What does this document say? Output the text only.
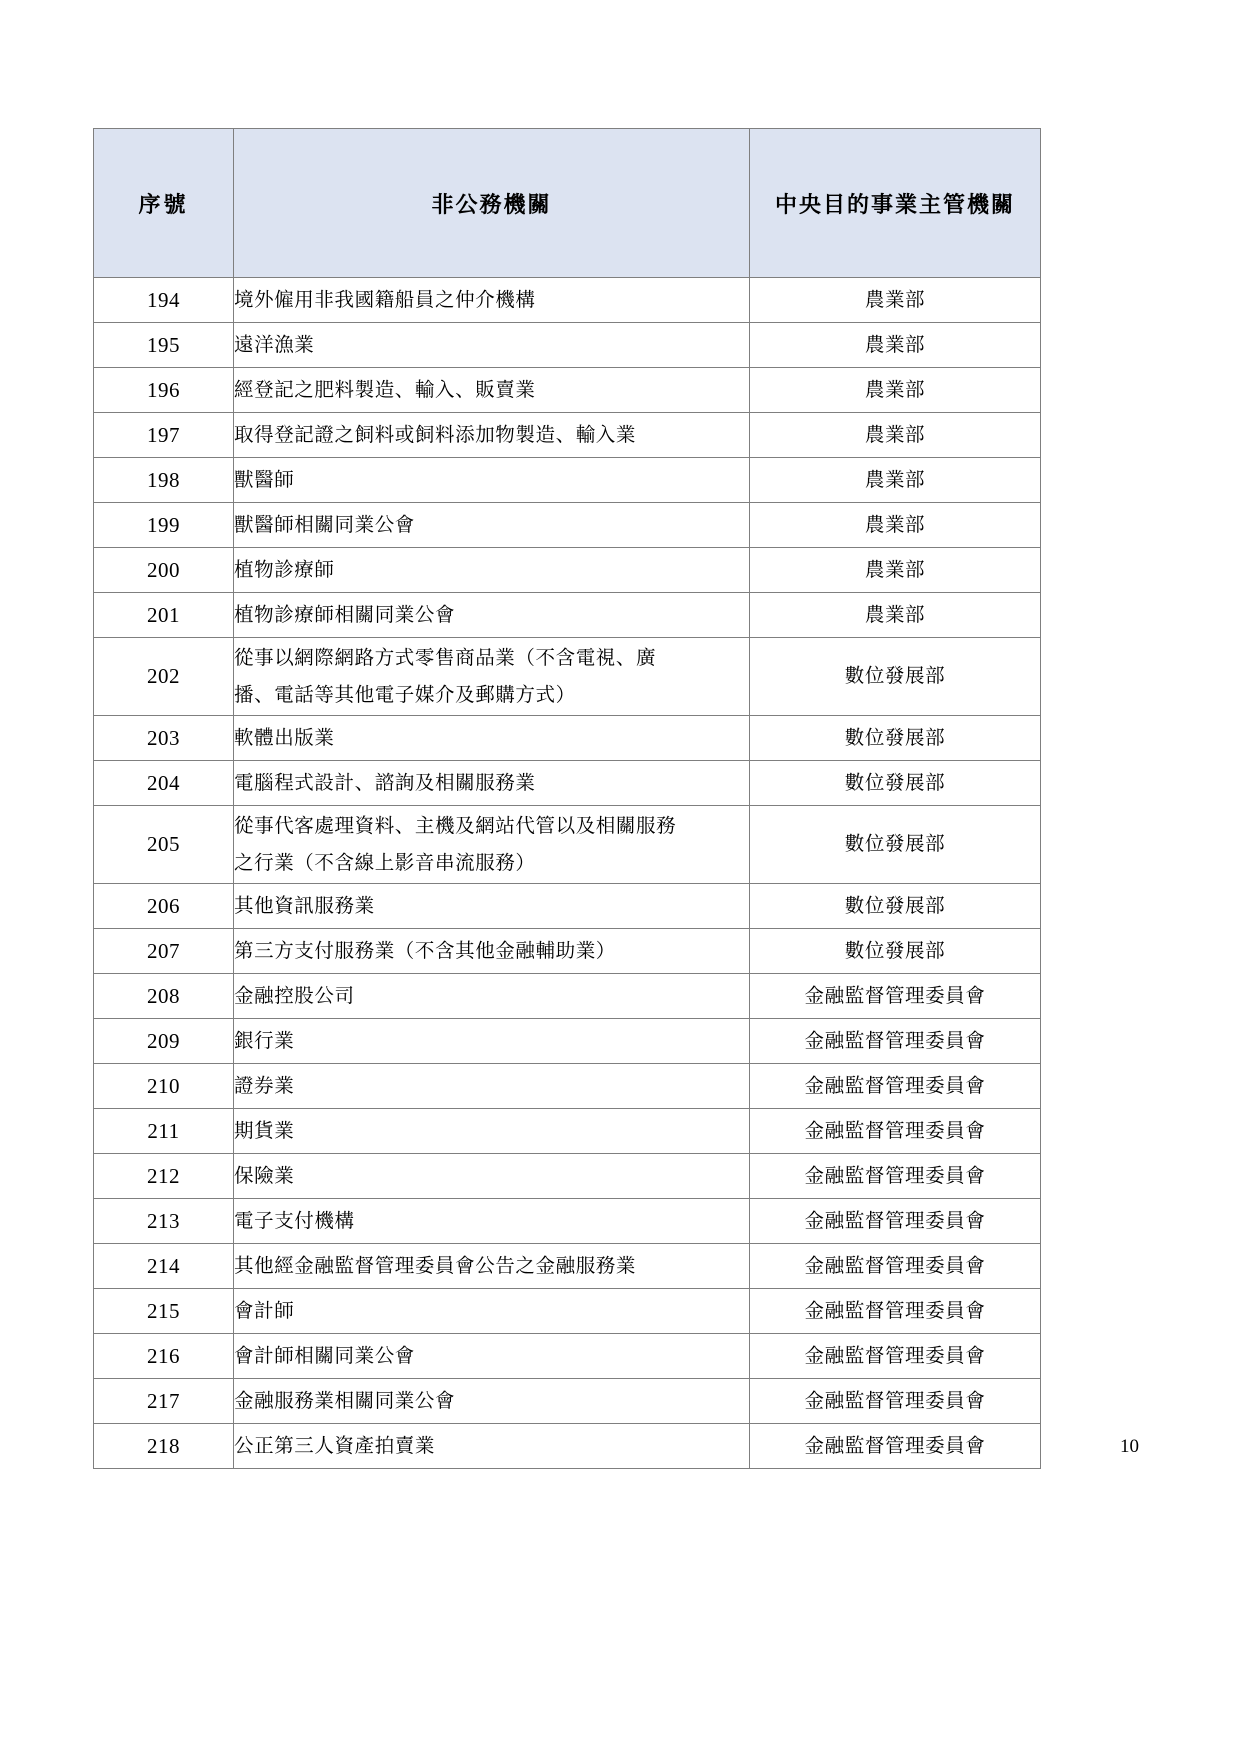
序號	非公務機關	中央目的事業主管機關
194	境外僱用非我國籍船員之仲介機構	農業部
195	遠洋漁業	農業部
196	經登記之肥料製造、輸入、販賣業	農業部
197	取得登記證之飼料或飼料添加物製造、輸入業	農業部
198	獸醫師	農業部
199	獸醫師相關同業公會	農業部
200	植物診療師	農業部
201	植物診療師相關同業公會	農業部
202	從事以網際網路方式零售商品業（不含電視、廣
播、電話等其他電子媒介及郵購方式）	數位發展部
203	軟體出版業	數位發展部
204	電腦程式設計、諮詢及相關服務業	數位發展部
205	從事代客處理資料、主機及網站代管以及相關服務
之行業（不含線上影音串流服務）	數位發展部
206	其他資訊服務業	數位發展部
207	第三方支付服務業（不含其他金融輔助業）	數位發展部
208	金融控股公司	金融監督管理委員會
209	銀行業	金融監督管理委員會
210	證券業	金融監督管理委員會
211	期貨業	金融監督管理委員會
212	保險業	金融監督管理委員會
213	電子支付機構	金融監督管理委員會
214	其他經金融監督管理委員會公告之金融服務業	金融監督管理委員會
215	會計師	金融監督管理委員會
216	會計師相關同業公會	金融監督管理委員會
217	金融服務業相關同業公會	金融監督管理委員會
218	公正第三人資產拍賣業	金融監督管理委員會	10
